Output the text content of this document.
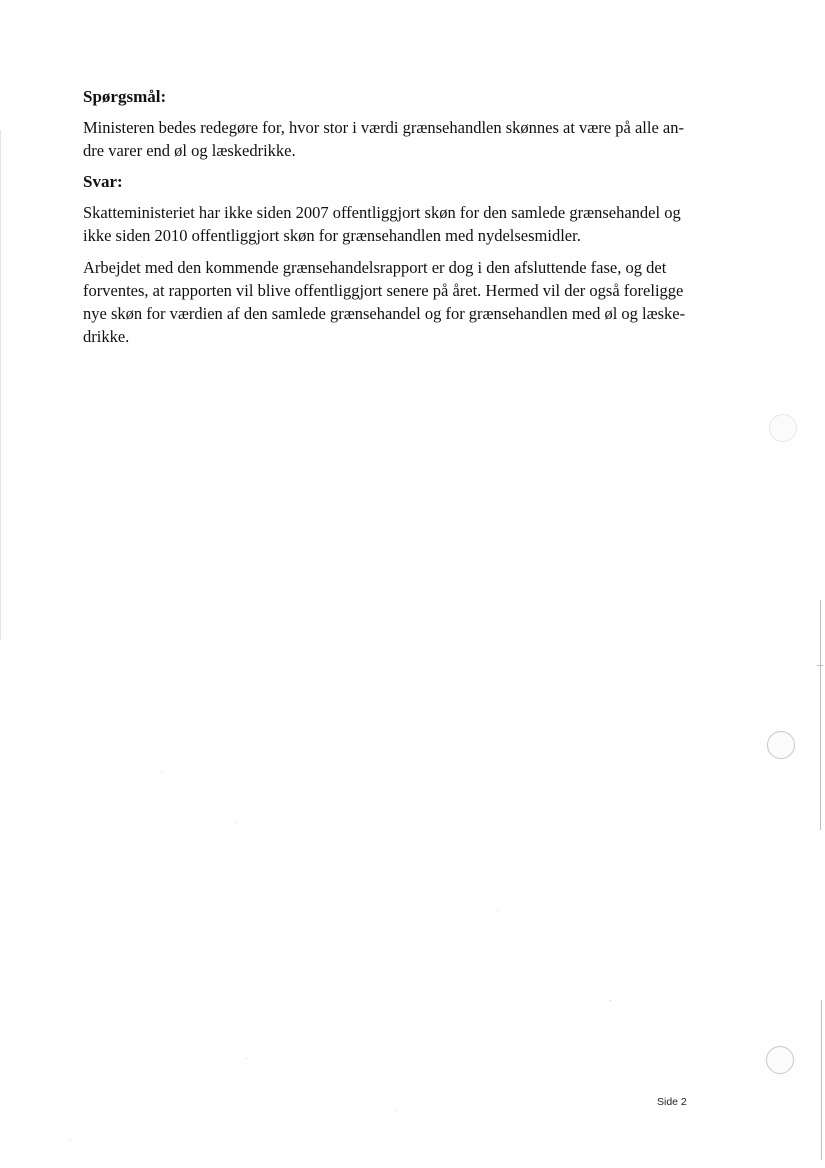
Spørgsmål:
Ministeren bedes redegøre for, hvor stor i værdi grænsehandlen skønnes at være på alle an-
dre varer end øl og læskedrikke.
Svar:
Skatteministeriet har ikke siden 2007 offentliggjort skøn for den samlede grænsehandel og
ikke siden 2010 offentliggjort skøn for grænsehandlen med nydelsesmidler.
Arbejdet med den kommende grænsehandelsrapport er dog i den afsluttende fase, og det
forventes, at rapporten vil blive offentliggjort senere på året. Hermed vil der også foreligge
nye skøn for værdien af den samlede grænsehandel og for grænsehandlen med øl og læske-
drikke.
Side 2
